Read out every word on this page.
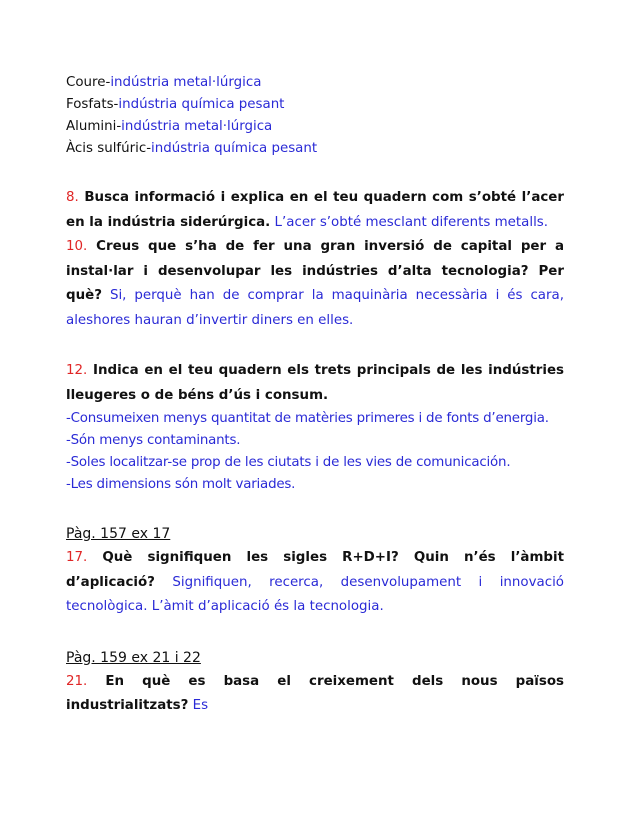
Coure-indústria metal·lúrgica
Fosfats-indústria química pesant
Alumini-indústria metal·lúrgica
Àcis sulfúric-indústria química pesant
8. Busca informació i explica en el teu quadern com s’obté l’acer en la indústria siderúrgica. L’acer s’obté mesclant diferents metalls.
10. Creus que s’ha de fer una gran inversió de capital per a instal·lar i desenvolupar les indústries d’alta tecnologia? Per què? Si, perquè han de comprar la maquinària necessària i és cara, aleshores hauran d’invertir diners en elles.
12. Indica en el teu quadern els trets principals de les indústries lleugeres o de béns d’ús i consum.
-Consumeixen menys quantitat de matèries primeres i de fonts d’energia.
-Són menys contaminants.
-Soles localitzar-se prop de les ciutats i de les vies de comunicación.
-Les dimensions són molt variades.
Pàg. 157 ex 17
17. Què signifiquen les sigles R+D+I? Quin n’és l’àmbit d’aplicació? Signifiquen, recerca, desenvolupament i innovació tecnològica. L’àmit d’aplicació és la tecnologia.
Pàg. 159 ex 21 i 22
21. En què es basa el creixement dels nous països industrialitzats? Es
